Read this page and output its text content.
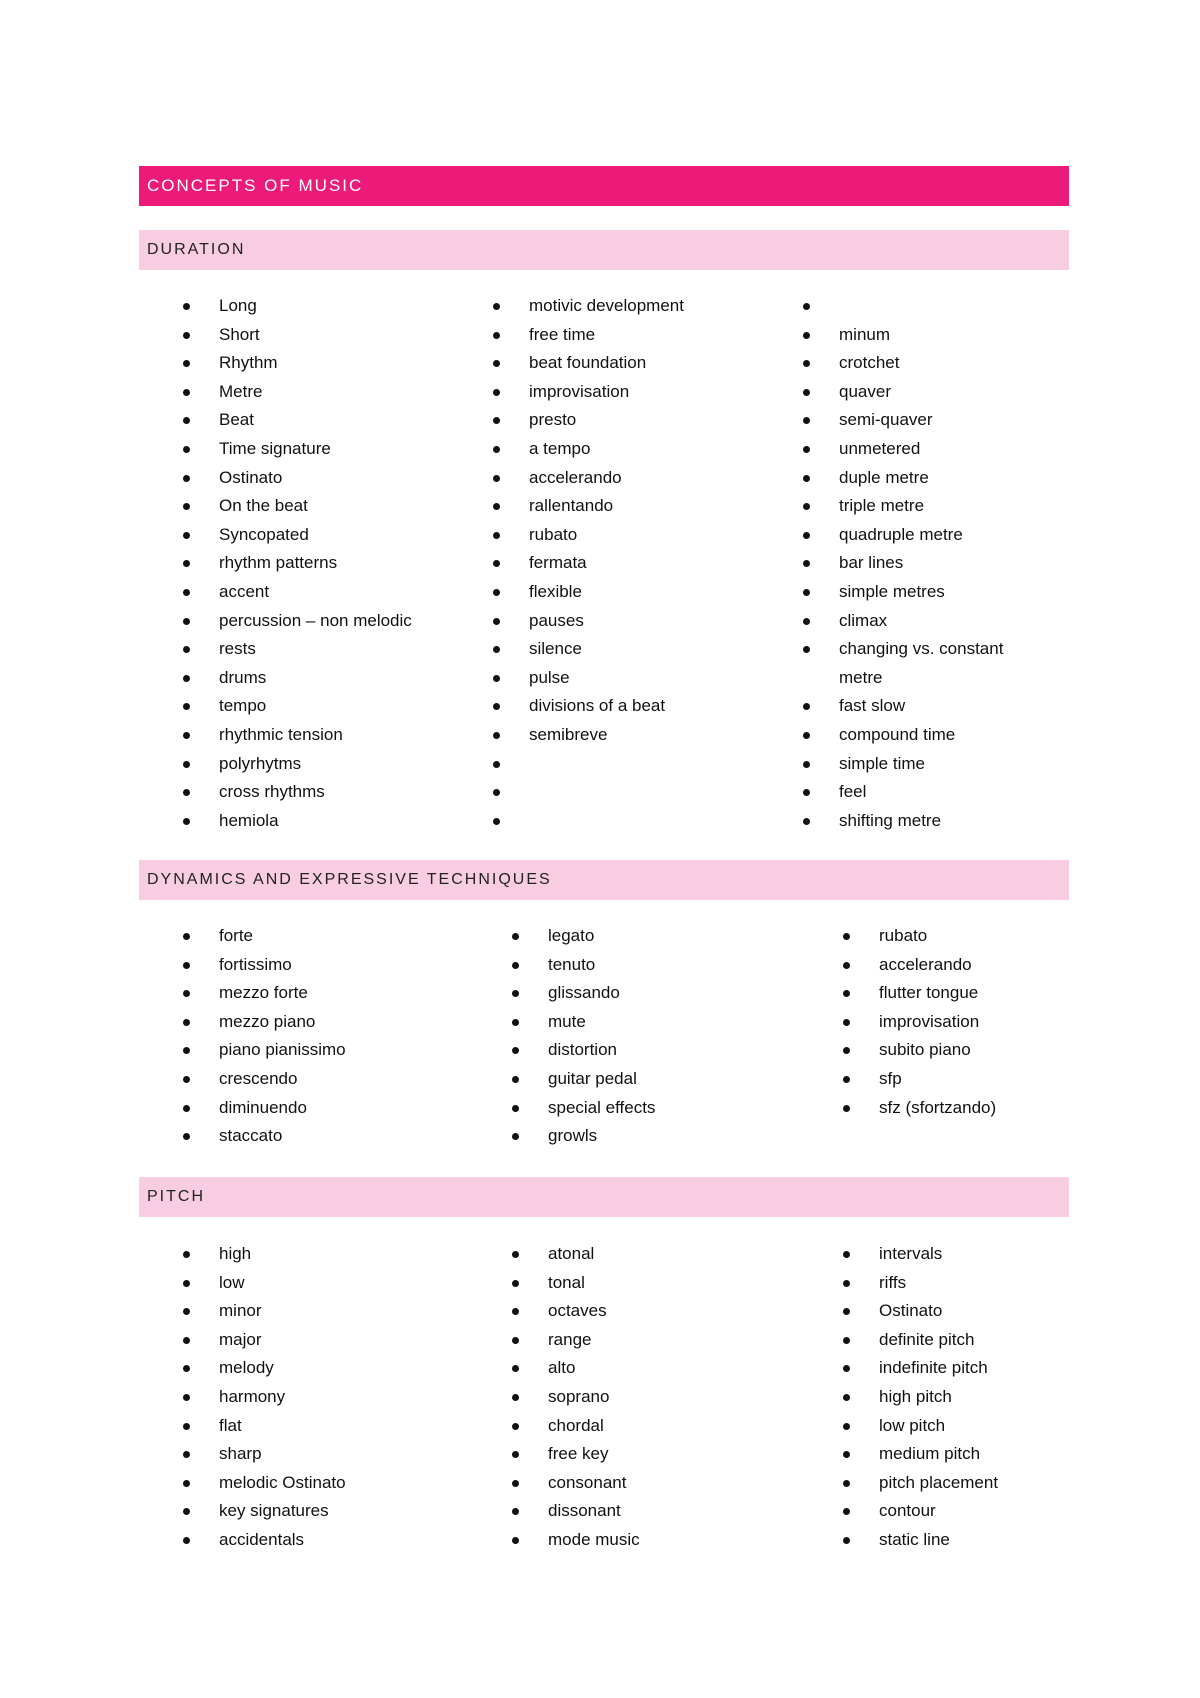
CONCEPTS OF MUSIC
DURATION
Long
Short
Rhythm
Metre
Beat
Time signature
Ostinato
On the beat
Syncopated
rhythm patterns
accent
percussion – non melodic
rests
drums
tempo
rhythmic tension
polyrhytms
cross rhythms
hemiola
motivic development
free time
beat foundation
improvisation
presto
a tempo
accelerando
rallentando
rubato
fermata
flexible
pauses
silence
pulse
divisions of a beat
semibreve
minum
crotchet
quaver
semi-quaver
unmetered
duple metre
triple metre
quadruple metre
bar lines
simple metres
climax
changing vs. constant metre
fast slow
compound time
simple time
feel
shifting metre
DYNAMICS AND EXPRESSIVE TECHNIQUES
forte
fortissimo
mezzo forte
mezzo piano
piano pianissimo
crescendo
diminuendo
staccato
legato
tenuto
glissando
mute
distortion
guitar pedal
special effects
growls
rubato
accelerando
flutter tongue
improvisation
subito piano
sfp
sfz (sfortzando)
PITCH
high
low
minor
major
melody
harmony
flat
sharp
melodic Ostinato
key signatures
accidentals
atonal
tonal
octaves
range
alto
soprano
chordal
free key
consonant
dissonant
mode music
intervals
riffs
Ostinato
definite pitch
indefinite pitch
high pitch
low pitch
medium pitch
pitch placement
contour
static line
